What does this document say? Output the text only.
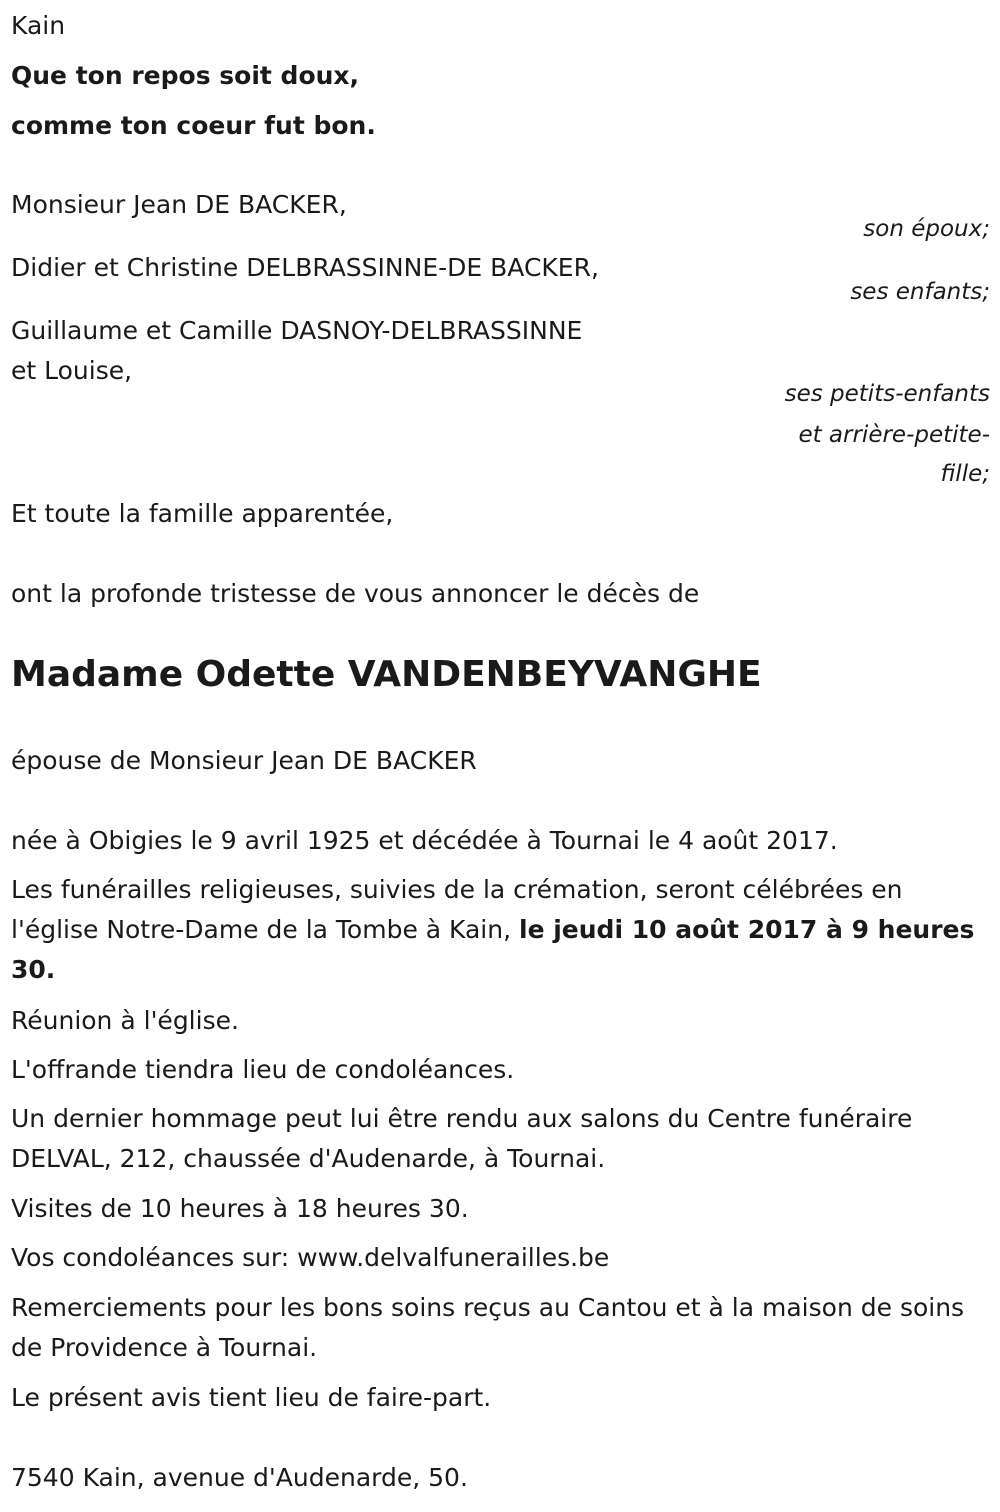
Kain
Que ton repos soit doux,
comme ton coeur fut bon.
Monsieur Jean DE BACKER,
son époux;
Didier et Christine DELBRASSINNE-DE BACKER,
ses enfants;
Guillaume et Camille DASNOY-DELBRASSINNE
et Louise,
ses petits-enfants
et arrière-petite-
fille;
Et toute la famille apparentée,
ont la profonde tristesse de vous annoncer le décès de
Madame Odette VANDENBEYVANGHE
épouse de Monsieur Jean DE BACKER
née à Obigies le 9 avril 1925 et décédée à Tournai le 4 août 2017.
Les funérailles religieuses, suivies de la crémation, seront célébrées en l'église Notre-Dame de la Tombe à Kain, le jeudi 10 août 2017 à 9 heures 30.
Réunion à l'église.
L'offrande tiendra lieu de condoléances.
Un dernier hommage peut lui être rendu aux salons du Centre funéraire DELVAL, 212, chaussée d'Audenarde, à Tournai.
Visites de 10 heures à 18 heures 30.
Vos condoléances sur: www.delvalfunerailles.be
Remerciements pour les bons soins reçus au Cantou et à la maison de soins de Providence à Tournai.
Le présent avis tient lieu de faire-part.
7540 Kain, avenue d'Audenarde, 50.
